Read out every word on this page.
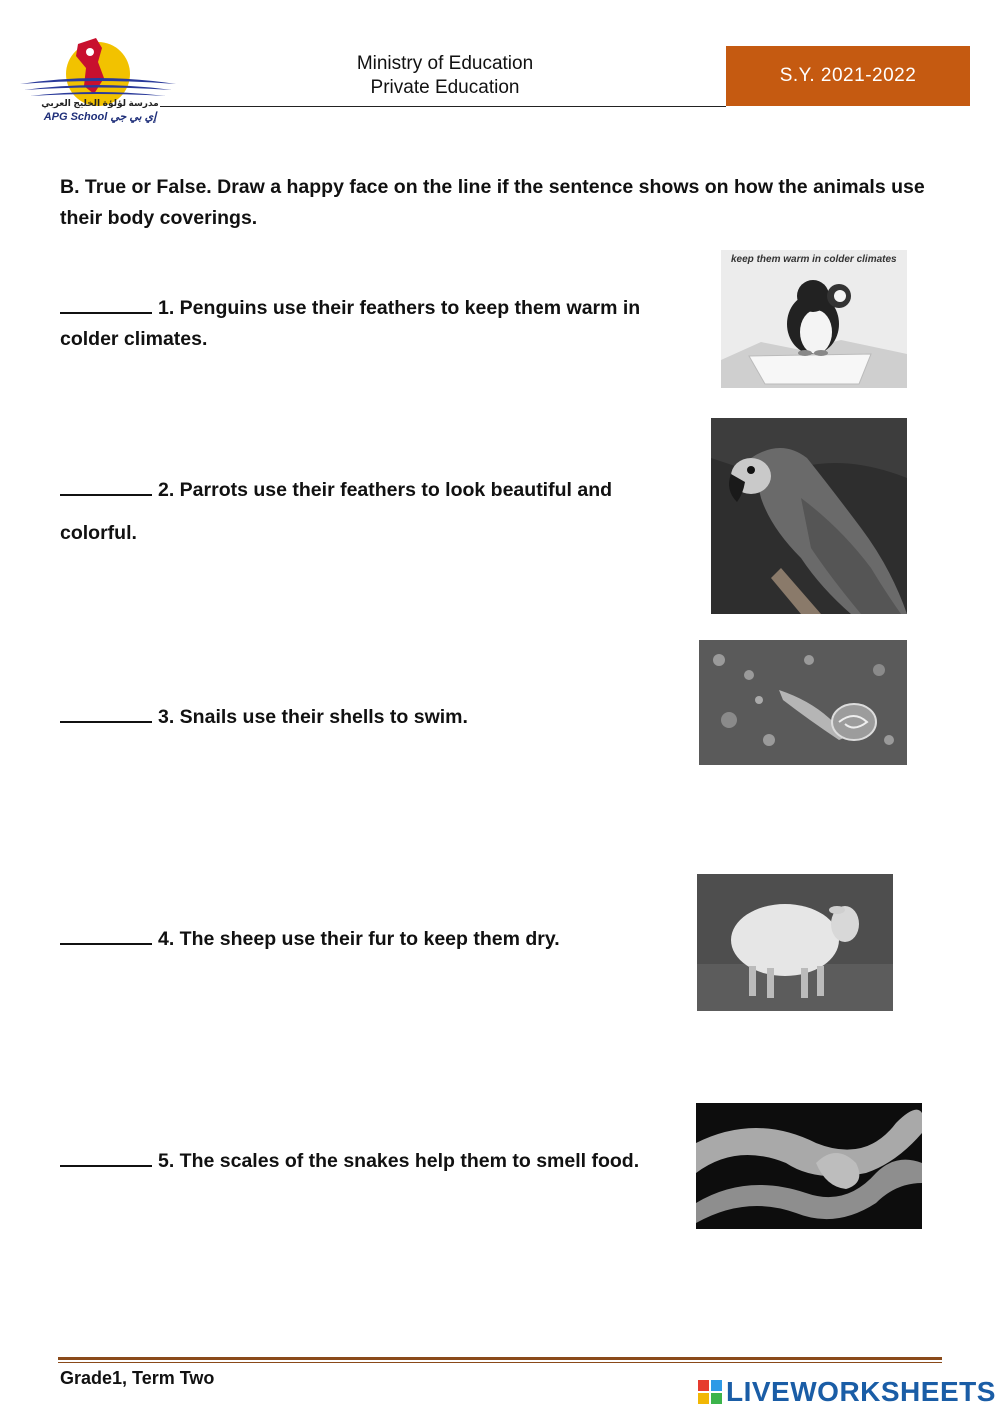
مدرسة لؤلؤة الخليج العربي
APG School إي بي جي
Ministry of Education
Private Education
S.Y. 2021-2022
B. True or False. Draw a happy face on the line if the sentence shows on how the animals use their body coverings.
1. Penguins use their feathers to keep them warm in
colder climates.
keep them warm in colder climates
2. Parrots use their feathers to look beautiful and
colorful.
3. Snails use their shells to swim.
4. The sheep use their fur to keep them dry.
5. The scales of the snakes help them to smell food.
Grade1, Term Two	LIVEWORKSHEETS
